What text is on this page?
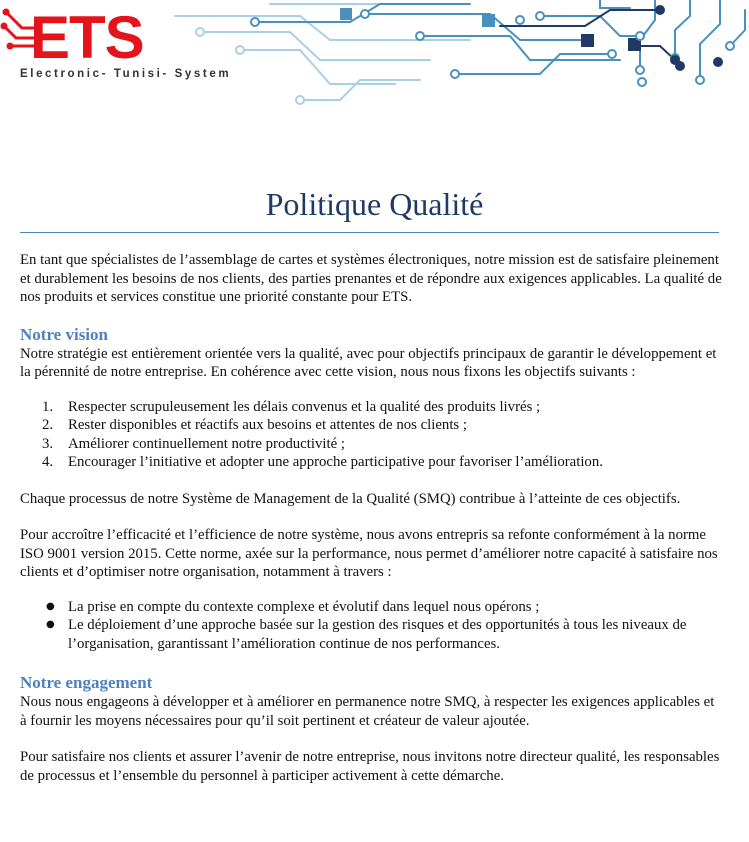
ETS
Electronic- Tunisi- System
Politique Qualité

En tant que spécialistes de l’assemblage de cartes et systèmes électroniques, notre mission est de satisfaire pleinement et durablement les besoins de nos clients, des parties prenantes et de répondre aux exigences applicables. La qualité de nos produits et services constitue une priorité constante pour ETS.

Notre vision

Notre stratégie est entièrement orientée vers la qualité, avec pour objectifs principaux de garantir le développement et la pérennité de notre entreprise. En cohérence avec cette vision, nous nous fixons les objectifs suivants :

1. Respecter scrupuleusement les délais convenus et la qualité des produits livrés ;
2. Rester disponibles et réactifs aux besoins et attentes de nos clients ;
3. Améliorer continuellement notre productivité ;
4. Encourager l’initiative et adopter une approche participative pour favoriser l’amélioration.

Chaque processus de notre Système de Management de la Qualité (SMQ) contribue à l’atteinte de ces objectifs.

Pour accroître l’efficacité et l’efficience de notre système, nous avons entrepris sa refonte conformément à la norme ISO 9001 version 2015. Cette norme, axée sur la performance, nous permet d’améliorer notre capacité à satisfaire nos clients et d’optimiser notre organisation, notamment à travers :

● La prise en compte du contexte complexe et évolutif dans lequel nous opérons ;
● Le déploiement d’une approche basée sur la gestion des risques et des opportunités à tous les niveaux de l’organisation, garantissant l’amélioration continue de nos performances.
Notre engagement

Nous nous engageons à développer et à améliorer en permanence notre SMQ, à respecter les exigences applicables et à fournir les moyens nécessaires pour qu’il soit pertinent et créateur de valeur ajoutée.

Pour satisfaire nos clients et assurer l’avenir de notre entreprise, nous invitons notre directeur qualité, les responsables de processus et l’ensemble du personnel à participer activement à cette démarche.
